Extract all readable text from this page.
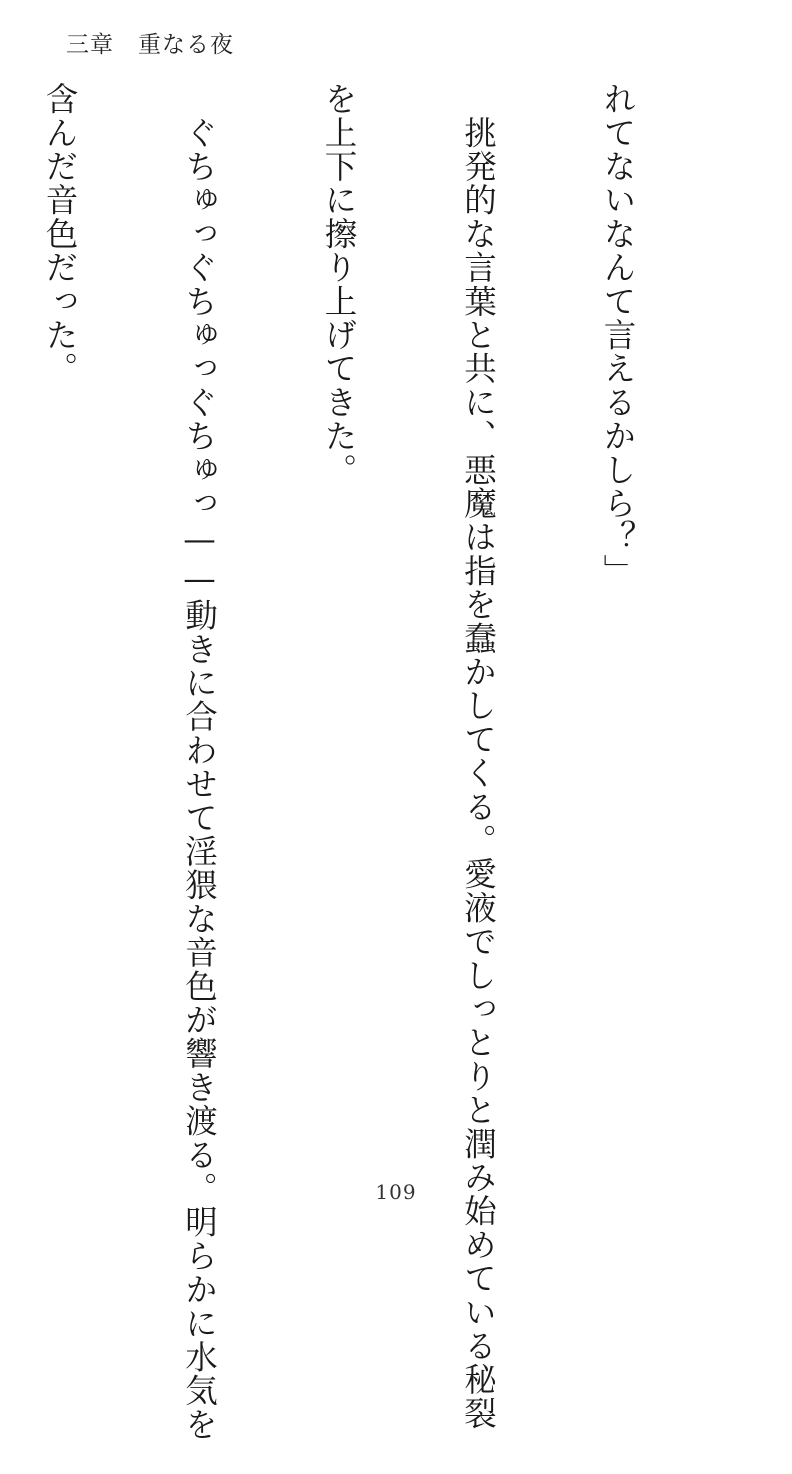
三章　重なる夜

れてないなんて言えるかしら？」

　挑発的な言葉と共に、悪魔は指を蠢かしてくる。愛液でしっとりと潤み始めている秘裂

を上下に擦り上げてきた。

　ぐちゅっぐちゅっぐちゅっ——動きに合わせて淫猥な音色が響き渡る。明らかに水気を

含んだ音色だった。

109
